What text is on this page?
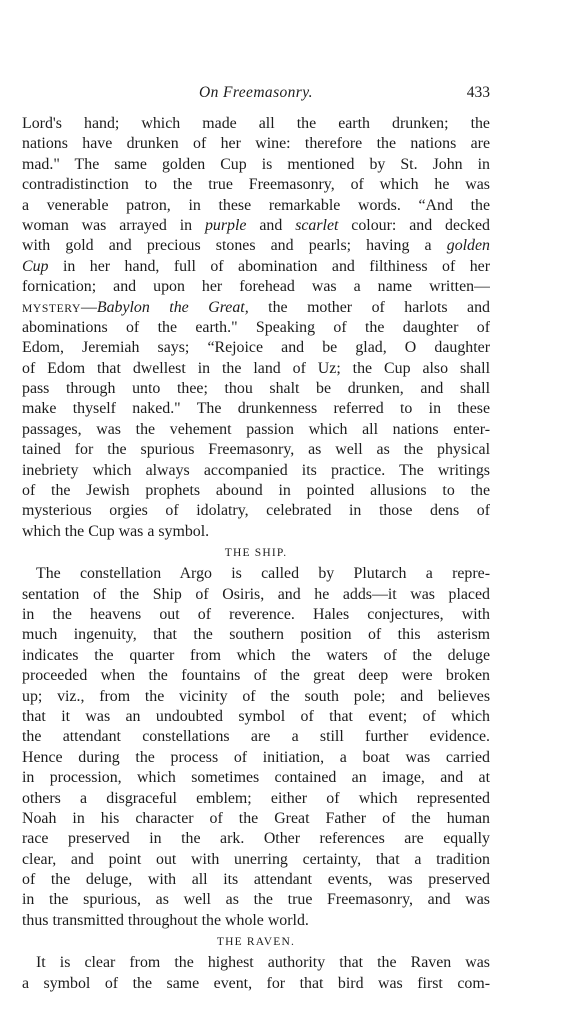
On Freemasonry.	433
Lord's hand; which made all the earth drunken; the
nations have drunken of her wine: therefore the nations are
mad." The same golden Cup is mentioned by St. John in
contradistinction to the true Freemasonry, of which he was
a venerable patron, in these remarkable words. “And the
woman was arrayed in purple and scarlet colour: and decked
with gold and precious stones and pearls; having a golden
Cup in her hand, full of abomination and filthiness of her
fornication; and upon her forehead was a name written—
MYSTERY—Babylon the Great, the mother of harlots and
abominations of the earth." Speaking of the daughter of
Edom, Jeremiah says; “Rejoice and be glad, O daughter
of Edom that dwellest in the land of Uz; the Cup also shall
pass through unto thee; thou shalt be drunken, and shall
make thyself naked." The drunkenness referred to in these
passages, was the vehement passion which all nations enter-
tained for the spurious Freemasonry, as well as the physical
inebriety which always accompanied its practice. The writings
of the Jewish prophets abound in pointed allusions to the
mysterious orgies of idolatry, celebrated in those dens of
which the Cup was a symbol.
THE SHIP.
The constellation Argo is called by Plutarch a repre-
sentation of the Ship of Osiris, and he adds—it was placed
in the heavens out of reverence. Hales conjectures, with
much ingenuity, that the southern position of this asterism
indicates the quarter from which the waters of the deluge
proceeded when the fountains of the great deep were broken
up; viz., from the vicinity of the south pole; and believes
that it was an undoubted symbol of that event; of which
the attendant constellations are a still further evidence.
Hence during the process of initiation, a boat was carried
in procession, which sometimes contained an image, and at
others a disgraceful emblem; either of which represented
Noah in his character of the Great Father of the human
race preserved in the ark. Other references are equally
clear, and point out with unerring certainty, that a tradition
of the deluge, with all its attendant events, was preserved
in the spurious, as well as the true Freemasonry, and was
thus transmitted throughout the whole world.
THE RAVEN.
It is clear from the highest authority that the Raven was
a symbol of the same event, for that bird was first com-
